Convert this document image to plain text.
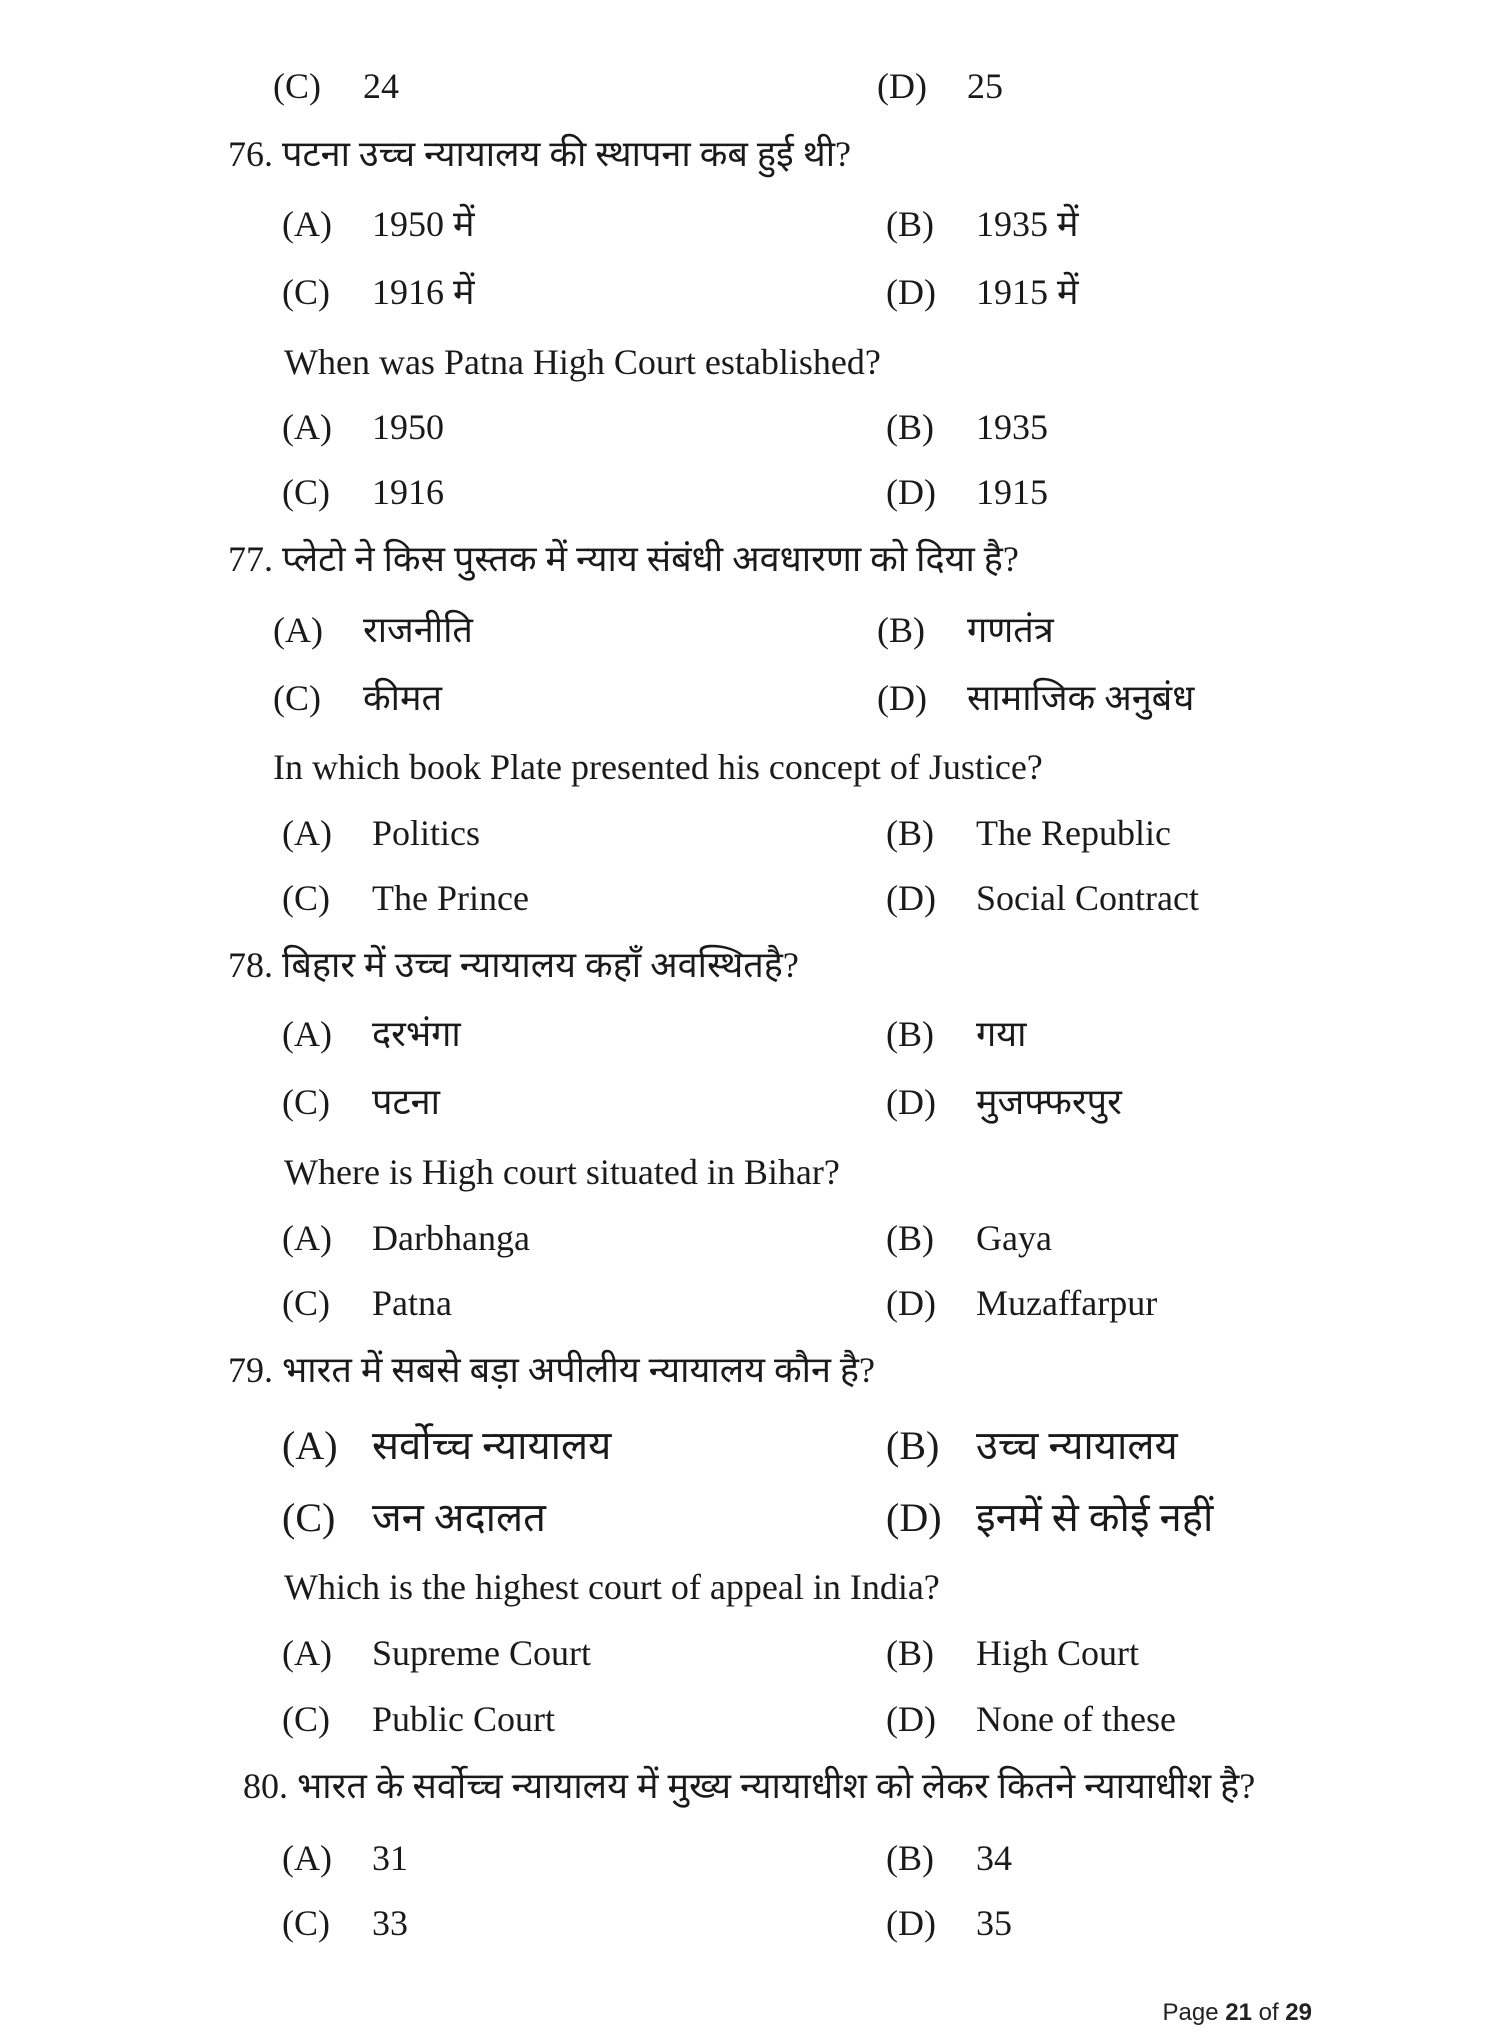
(C) 24	(D) 25
76. पटना उच्च न्यायालय की स्थापना कब हुई थी?
(A) 1950 में	(B) 1935 में
(C) 1916 में	(D) 1915 में
When was Patna High Court established?
(A) 1950	(B) 1935
(C) 1916	(D) 1915
77. प्लेटो ने किस पुस्तक में न्याय संबंधी अवधारणा को दिया है?
(A) राजनीति	(B) गणतंत्र
(C) कीमत	(D) सामाजिक अनुबंध
In which book Plate presented his concept of Justice?
(A) Politics	(B) The Republic
(C) The Prince	(D) Social Contract
78. बिहार में उच्च न्यायालय कहाँ अवस्थितहै?
(A) दरभंगा	(B) गया
(C) पटना	(D) मुजफ्फरपुर
Where is High court situated in Bihar?
(A) Darbhanga	(B) Gaya
(C) Patna	(D) Muzaffarpur
79. भारत में सबसे बड़ा अपीलीय न्यायालय कौन है?
(A) सर्वोच्च न्यायालय	(B) उच्च न्यायालय
(C) जन अदालत	(D) इनमें से कोई नहीं
Which is the highest court of appeal in India?
(A) Supreme Court	(B) High Court
(C) Public Court	(D) None of these
80. भारत के सर्वोच्च न्यायालय में मुख्य न्यायाधीश को लेकर कितने न्यायाधीश है?
(A) 31	(B) 34
(C) 33	(D) 35
Page 21 of 29
